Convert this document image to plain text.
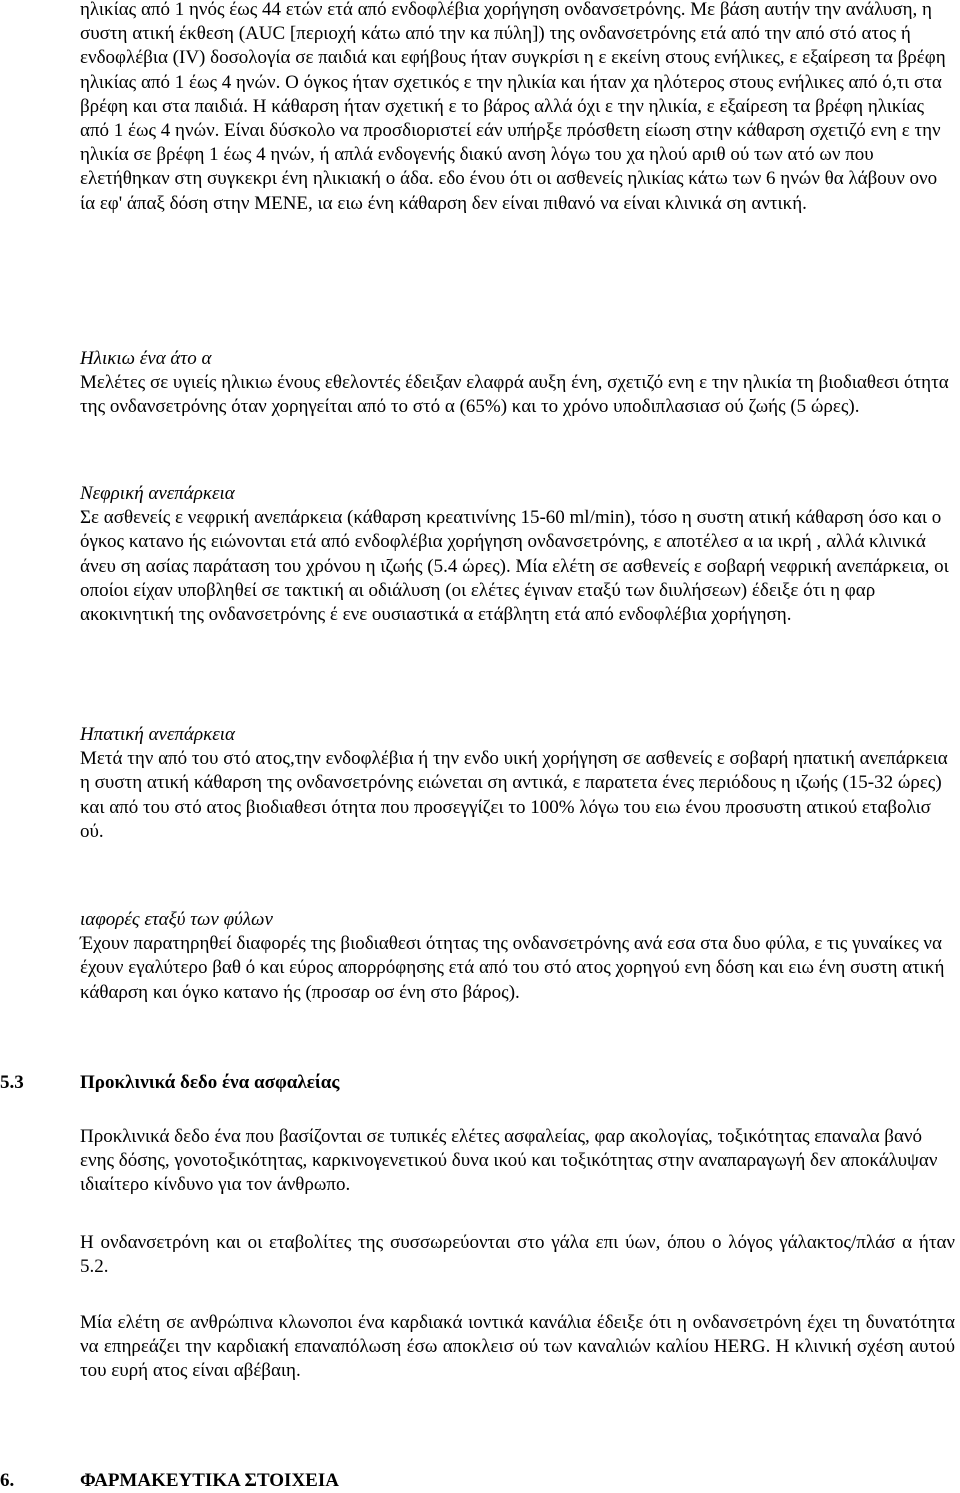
ηλικίας από 1 ηνός έως 44 ετών ετά από ενδοφλέβια χορήγηση ονδανσετρόνης. Με βάση αυτήν την ανάλυση, η συστη ατική έκθεση (AUC [περιοχή κάτω από την κα πύλη]) της ονδανσετρόνης ετά από την από στό ατος ή ενδοφλέβια (IV) δοσολογία σε παιδιά και εφήβους ήταν συγκρίσι η ε εκείνη στους ενήλικες, ε εξαίρεση τα βρέφη ηλικίας από 1 έως 4 ηνών. Ο όγκος ήταν σχετικός ε την ηλικία και ήταν χα ηλότερος στους ενήλικες από ό,τι στα βρέφη και στα παιδιά. Η κάθαρση ήταν σχετική ε το βάρος αλλά όχι ε την ηλικία, ε εξαίρεση τα βρέφη ηλικίας από 1 έως 4 ηνών. Είναι δύσκολο να προσδιοριστεί εάν υπήρξε πρόσθετη είωση στην κάθαρση σχετιζό ενη ε την ηλικία σε βρέφη 1 έως 4 ηνών, ή απλά ενδογενής διακύ ανση λόγω του χα ηλού αριθ ού των ατό ων που ελετήθηκαν στη συγκεκρι ένη ηλικιακή ο άδα. εδο ένου ότι οι ασθενείς ηλικίας κάτω των 6 ηνών θα λάβουν ονο ία εφ' άπαξ δόση στην ΜΕΝΕ, ια ειω ένη κάθαρση δεν είναι πιθανό να είναι κλινικά ση αντική.

Ηλικιω ένα άτο α

Μελέτες σε υγιείς ηλικιω ένους εθελοντές έδειξαν ελαφρά αυξη ένη, σχετιζό ενη ε την ηλικία τη βιοδιαθεσι ότητα της ονδανσετρόνης όταν χορηγείται από το στό α (65%) και το χρόνο υποδιπλασιασ ού ζωής (5 ώρες).

Νεφρική ανεπάρκεια

Σε ασθενείς ε νεφρική ανεπάρκεια (κάθαρση κρεατινίνης 15-60 ml/min), τόσο η συστη ατική κάθαρση όσο και ο όγκος κατανο ής ειώνονται ετά από ενδοφλέβια χορήγηση ονδανσετρόνης, ε αποτέλεσ α ια ικρή , αλλά κλινικά άνευ ση ασίας παράταση του χρόνου η ιζωής (5.4 ώρες). Μία ελέτη σε ασθενείς ε σοβαρή νεφρική ανεπάρκεια, οι οποίοι είχαν υποβληθεί σε τακτική αι οδιάλυση (οι ελέτες έγιναν εταξύ των διυλήσεων) έδειξε ότι η φαρ ακοκινητική της ονδανσετρόνης έ ενε ουσιαστικά α ετάβλητη ετά από ενδοφλέβια χορήγηση.

Ηπατική ανεπάρκεια

Μετά την από του στό ατος,την ενδοφλέβια ή την ενδο υική χορήγηση σε ασθενείς ε σοβαρή ηπατική ανεπάρκεια η συστη ατική κάθαρση της ονδανσετρόνης ειώνεται ση αντικά, ε παρατετα ένες περιόδους η ιζωής (15-32 ώρες) και από του στό ατος βιοδιαθεσι ότητα που προσεγγίζει το 100% λόγω του ειω ένου προσυστη ατικού εταβολισ ού.

ιαφορές εταξύ των φύλων

Έχουν παρατηρηθεί διαφορές της βιοδιαθεσι ότητας της ονδανσετρόνης ανά εσα στα δυο φύλα, ε τις γυναίκες να έχουν εγαλύτερο βαθ ό και εύρος απορρόφησης ετά από του στό ατος χορηγού ενη δόση και ειω ένη συστη ατική κάθαρση και όγκο κατανο ής (προσαρ οσ ένη στο βάρος).

5.3	Προκλινικά δεδο ένα ασφαλείας

Προκλινικά δεδο ένα που βασίζονται σε τυπικές ελέτες ασφαλείας, φαρ ακολογίας, τοξικότητας επαναλα βανό ενης δόσης, γονοτοξικότητας, καρκινογενετικού δυνα ικού και τοξικότητας στην αναπαραγωγή δεν αποκάλυψαν ιδιαίτερο κίνδυνο για τον άνθρωπο.

Η ονδανσετρόνη και οι εταβολίτες της συσσωρεύονται στο γάλα επι ύων, όπου ο λόγος γάλακτος/πλάσ α ήταν 5.2.

Μία ελέτη σε ανθρώπινα κλωνοποι ένα καρδιακά ιοντικά κανάλια έδειξε ότι η ονδανσετρόνη έχει τη δυνατότητα να επηρεάζει την καρδιακή επαναπόλωση έσω αποκλεισ ού των καναλιών καλίου HERG. Η κλινική σχέση αυτού του ευρή ατος είναι αβέβαιη.

6.	ΦΑΡΜΑΚΕΥΤΙΚΑ ΣΤΟΙΧΕΙΑ
